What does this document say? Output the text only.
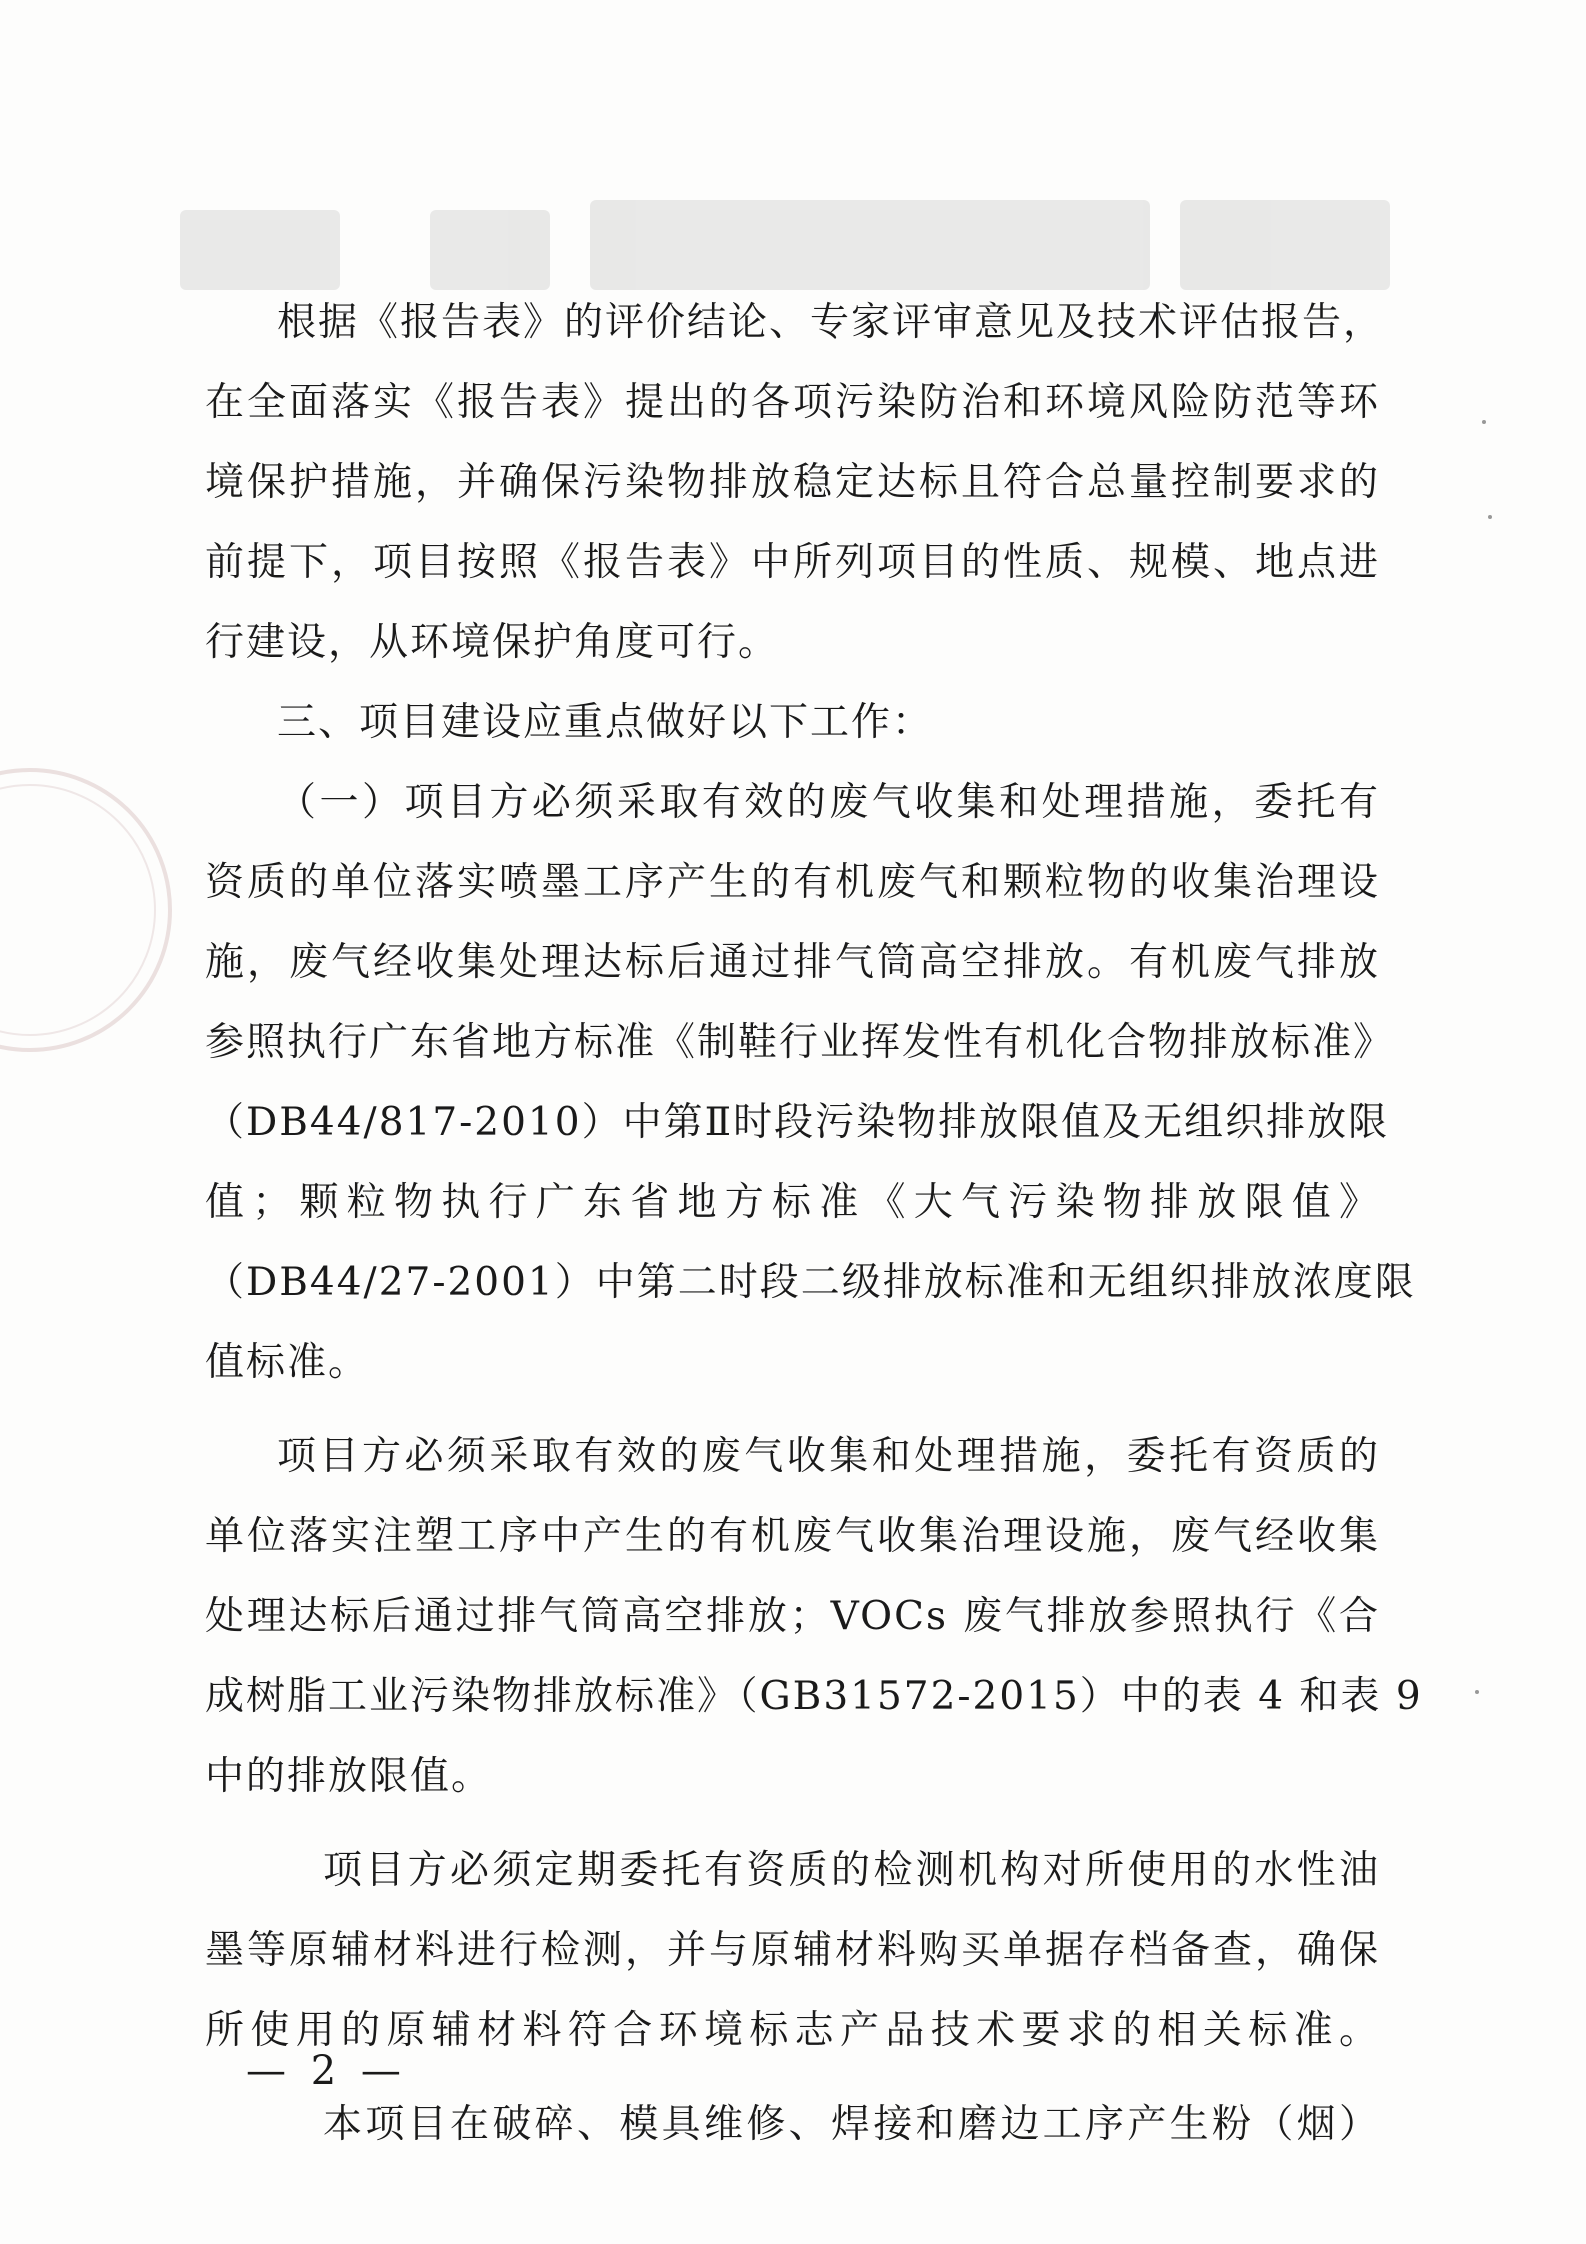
根据《报告表》的评价结论、专家评审意见及技术评估报告，
在全面落实《报告表》提出的各项污染防治和环境风险防范等环
境保护措施，并确保污染物排放稳定达标且符合总量控制要求的
前提下，项目按照《报告表》中所列项目的性质、规模、地点进
行建设，从环境保护角度可行。
三、项目建设应重点做好以下工作：
（一）项目方必须采取有效的废气收集和处理措施，委托有
资质的单位落实喷墨工序产生的有机废气和颗粒物的收集治理设
施，废气经收集处理达标后通过排气筒高空排放。有机废气排放
参照执行广东省地方标准《制鞋行业挥发性有机化合物排放标准》
（DB44/817-2010）中第Ⅱ时段污染物排放限值及无组织排放限
值；颗粒物执行广东省地方标准《大气污染物排放限值》
（DB44/27-2001）中第二时段二级排放标准和无组织排放浓度限
值标准。
项目方必须采取有效的废气收集和处理措施，委托有资质的
单位落实注塑工序中产生的有机废气收集治理设施，废气经收集
处理达标后通过排气筒高空排放；VOCs 废气排放参照执行《合
成树脂工业污染物排放标准》（GB31572-2015）中的表 4 和表 9
中的排放限值。
项目方必须定期委托有资质的检测机构对所使用的水性油
墨等原辅材料进行检测，并与原辅材料购买单据存档备查，确保
所使用的原辅材料符合环境标志产品技术要求的相关标准。
本项目在破碎、模具维修、焊接和磨边工序产生粉（烟）
— 2 —
